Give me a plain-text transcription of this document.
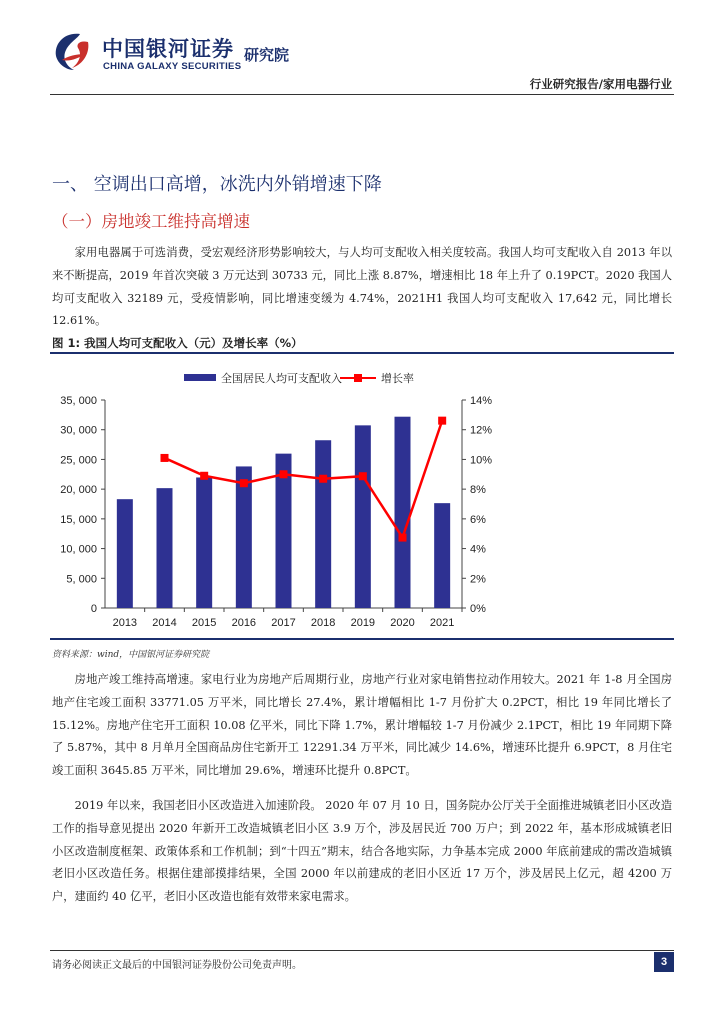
中国银河证券
CHINA GALAXY SECURITIES
研究院
行业研究报告/家用电器行业
一、 空调出口高增，冰洗内外销增速下降
（一）房地竣工维持高增速
家用电器属于可选消费，受宏观经济形势影响较大，与人均可支配收入相关度较高。我国人均可支配收入自 2013 年以来不断提高，2019 年首次突破 3 万元达到 30733 元，同比上涨 8.87%，增速相比 18 年上升了 0.19PCT。2020 我国人均可支配收入 32189 元，受疫情影响，同比增速变缓为 4.74%，2021H1 我国人均可支配收入 17,642 元，同比增长 12.61%。
图 1: 我国人均可支配收入（元）及增长率（%）
全国居民人均可支配收入	增长率
0
5, 000
10, 000
15, 000
20, 000
25, 000
30, 000
35, 000
0%
2%
4%
6%
8%
10%
12%
14%
2013 2014 2015 2016 2017 2018 2019 2020 2021
资料来源：wind，中国银河证券研究院
房地产竣工维持高增速。家电行业为房地产后周期行业，房地产行业对家电销售拉动作用较大。2021 年 1-8 月全国房地产住宅竣工面积 33771.05 万平米，同比增长 27.4%，累计增幅相比 1-7 月份扩大 0.2PCT，相比 19 年同比增长了 15.12%。房地产住宅开工面积 10.08 亿平米，同比下降 1.7%，累计增幅较 1-7 月份减少 2.1PCT，相比 19 年同期下降了 5.87%，其中 8 月单月全国商品房住宅新开工 12291.34 万平米，同比减少 14.6%，增速环比提升 6.9PCT，8 月住宅竣工面积 3645.85 万平米，同比增加 29.6%，增速环比提升 0.8PCT。
2019 年以来，我国老旧小区改造进入加速阶段。 2020 年 07 月 10 日，国务院办公厅关于全面推进城镇老旧小区改造工作的指导意见提出 2020 年新开工改造城镇老旧小区 3.9 万个，涉及居民近 700 万户；到 2022 年，基本形成城镇老旧小区改造制度框架、政策体系和工作机制；到“十四五”期末，结合各地实际，力争基本完成 2000 年底前建成的需改造城镇老旧小区改造任务。根据住建部摸排结果，全国 2000 年以前建成的老旧小区近 17 万个，涉及居民上亿元，超 4200 万户，建面约 40 亿平，老旧小区改造也能有效带来家电需求。
请务必阅读正文最后的中国银河证券股份公司免责声明。	3
